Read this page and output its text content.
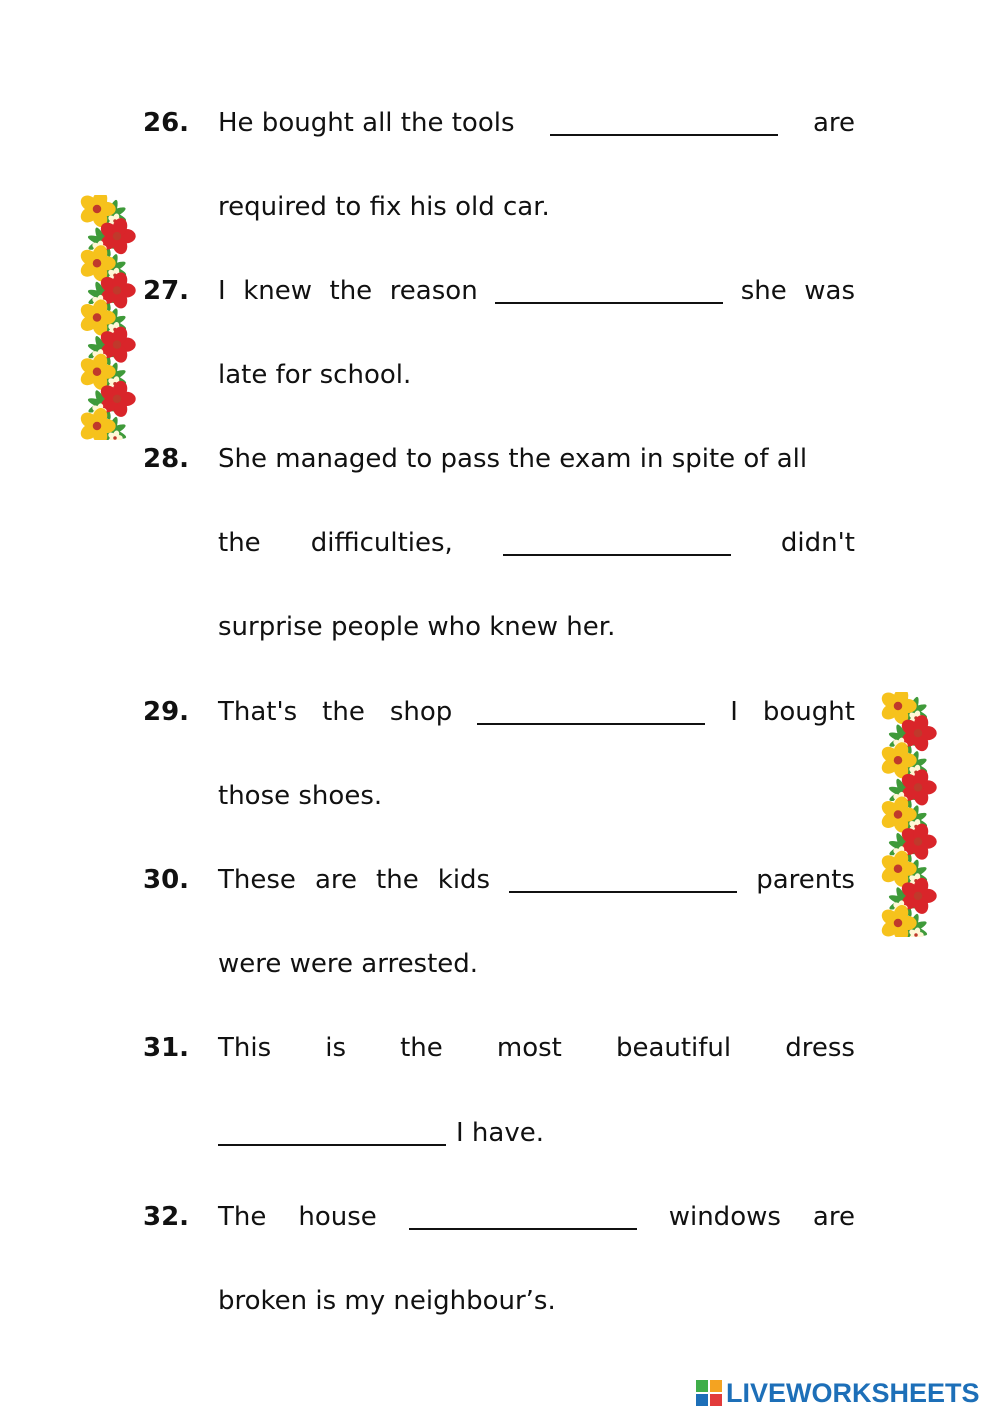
26.	He bought all the tools	are
required to fix his old car.
27.	I knew the reason	she was
late for school.
28.	She managed to pass the exam in spite of all
the difficulties,	didn't
surprise people who knew her.
29.	That's the shop	I bought
those shoes.
30.	These are the kids	parents
were were arrested.
31.	This is the most beautiful dress
I have.
32.	The house	windows are
broken is my neighbour’s.
LIVEWORKSHEETS
